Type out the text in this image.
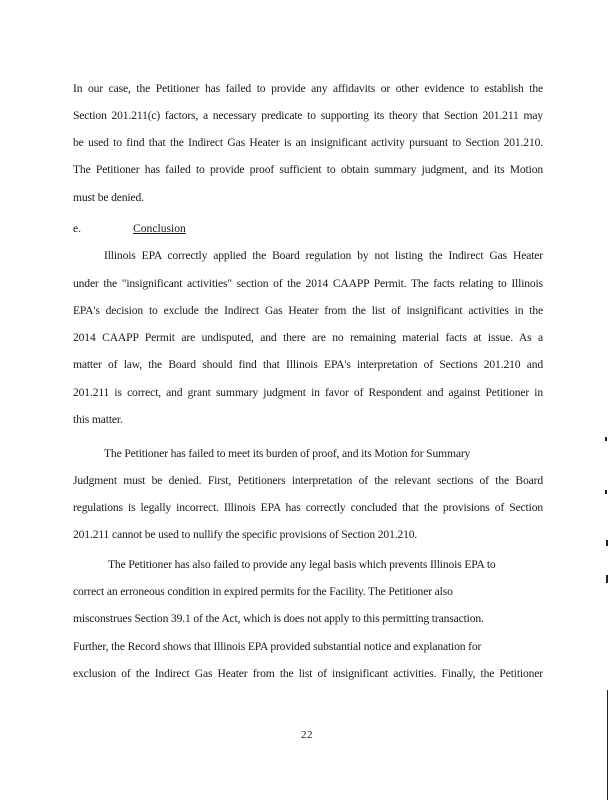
In our case, the Petitioner has failed to provide any affidavits or other evidence to establish the
Section 201.211(c) factors, a necessary predicate to supporting its theory that Section 201.211 may
be used to find that the Indirect Gas Heater is an insignificant activity pursuant to Section 201.210.
The Petitioner has failed to provide proof sufficient to obtain summary judgment, and its Motion
must be denied.
e.	Conclusion
Illinois EPA correctly applied the Board regulation by not listing the Indirect Gas Heater
under the "insignificant activities" section of the 2014 CAAPP Permit. The facts relating to Illinois
EPA's decision to exclude the Indirect Gas Heater from the list of insignificant activities in the
2014 CAAPP Permit are undisputed, and there are no remaining material facts at issue. As a
matter of law, the Board should find that Illinois EPA's interpretation of Sections 201.210 and
201.211 is correct, and grant summary judgment in favor of Respondent and against Petitioner in
this matter.
The Petitioner has failed to meet its burden of proof, and its Motion for Summary
Judgment must be denied. First, Petitioners interpretation of the relevant sections of the Board
regulations is legally incorrect. Illinois EPA has correctly concluded that the provisions of Section
201.211 cannot be used to nullify the specific provisions of Section 201.210.
The Petitioner has also failed to provide any legal basis which prevents Illinois EPA to
correct an erroneous condition in expired permits for the Facility. The Petitioner also
misconstrues Section 39.1 of the Act, which is does not apply to this permitting transaction.
Further, the Record shows that Illinois EPA provided substantial notice and explanation for
exclusion of the Indirect Gas Heater from the list of insignificant activities. Finally, the Petitioner
22
